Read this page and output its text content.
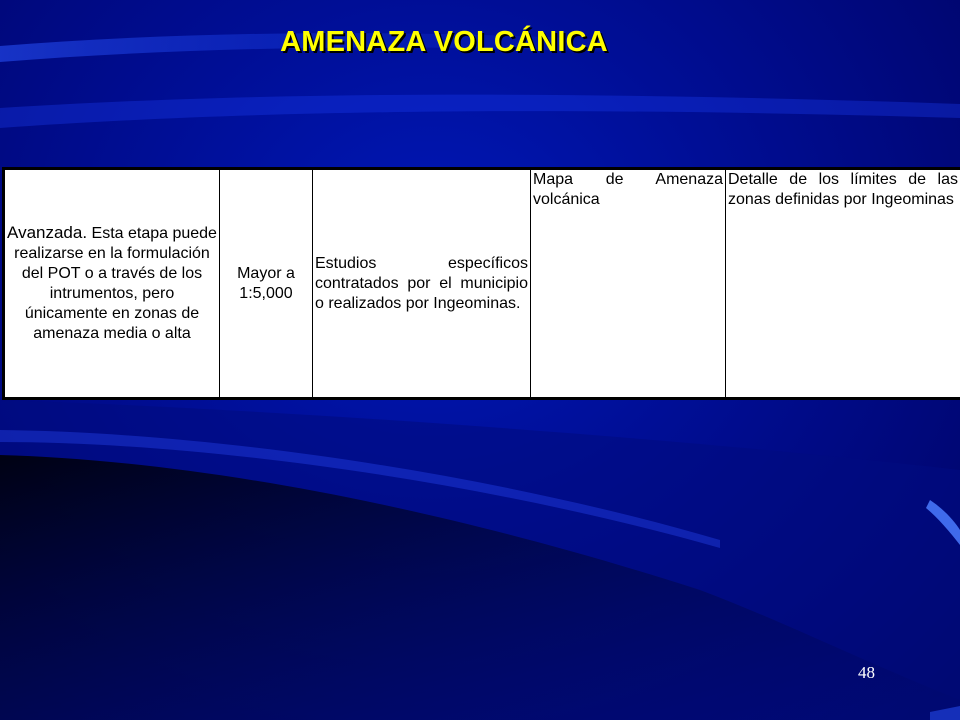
AMENAZA VOLCÁNICA
Avanzada. Esta etapa puede realizarse en la formulación del POT o a través de los intrumentos, pero únicamente en zonas de amenaza media o alta	Mayor a 1:5,000	Estudios específicos contratados por el municipio o realizados por Ingeominas.	Mapa de Amenaza volcánica	Detalle de los límites de las zonas definidas por Ingeominas
48
